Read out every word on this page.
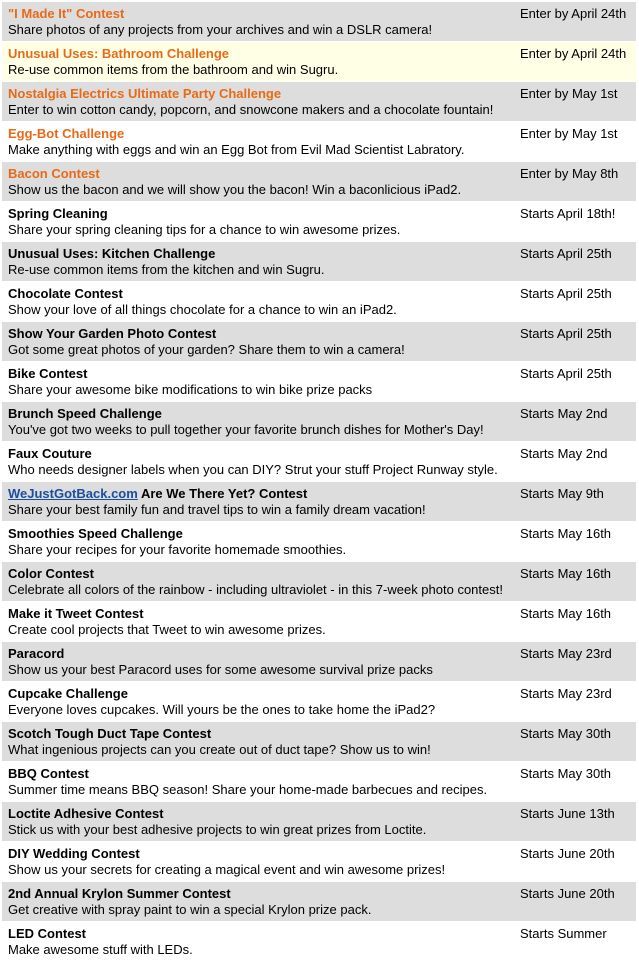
"I Made It" Contest
Share photos of any projects from your archives and win a DSLR camera!
Enter by April 24th
Unusual Uses: Bathroom Challenge
Re-use common items from the bathroom and win Sugru.
Enter by April 24th
Nostalgia Electrics Ultimate Party Challenge
Enter to win cotton candy, popcorn, and snowcone makers and a chocolate fountain!
Enter by May 1st
Egg-Bot Challenge
Make anything with eggs and win an Egg Bot from Evil Mad Scientist Labratory.
Enter by May 1st
Bacon Contest
Show us the bacon and we will show you the bacon! Win a baconlicious iPad2.
Enter by May 8th
Spring Cleaning
Share your spring cleaning tips for a chance to win awesome prizes.
Starts April 18th!
Unusual Uses: Kitchen Challenge
Re-use common items from the kitchen and win Sugru.
Starts April 25th
Chocolate Contest
Show your love of all things chocolate for a chance to win an iPad2.
Starts April 25th
Show Your Garden Photo Contest
Got some great photos of your garden? Share them to win a camera!
Starts April 25th
Bike Contest
Share your awesome bike modifications to win bike prize packs
Starts April 25th
Brunch Speed Challenge
You've got two weeks to pull together your favorite brunch dishes for Mother's Day!
Starts May 2nd
Faux Couture
Who needs designer labels when you can DIY? Strut your stuff Project Runway style.
Starts May 2nd
WeJustGotBack.com Are We There Yet? Contest
Share your best family fun and travel tips to win a family dream vacation!
Starts May 9th
Smoothies Speed Challenge
Share your recipes for your favorite homemade smoothies.
Starts May 16th
Color Contest
Celebrate all colors of the rainbow - including ultraviolet - in this 7-week photo contest!
Starts May 16th
Make it Tweet Contest
Create cool projects that Tweet to win awesome prizes.
Starts May 16th
Paracord
Show us your best Paracord uses for some awesome survival prize packs
Starts May 23rd
Cupcake Challenge
Everyone loves cupcakes. Will yours be the ones to take home the iPad2?
Starts May 23rd
Scotch Tough Duct Tape Contest
What ingenious projects can you create out of duct tape? Show us to win!
Starts May 30th
BBQ Contest
Summer time means BBQ season! Share your home-made barbecues and recipes.
Starts May 30th
Loctite Adhesive Contest
Stick us with your best adhesive projects to win great prizes from Loctite.
Starts June 13th
DIY Wedding Contest
Show us your secrets for creating a magical event and win awesome prizes!
Starts June 20th
2nd Annual Krylon Summer Contest
Get creative with spray paint to win a special Krylon prize pack.
Starts June 20th
LED Contest
Make awesome stuff with LEDs.
Starts Summer
